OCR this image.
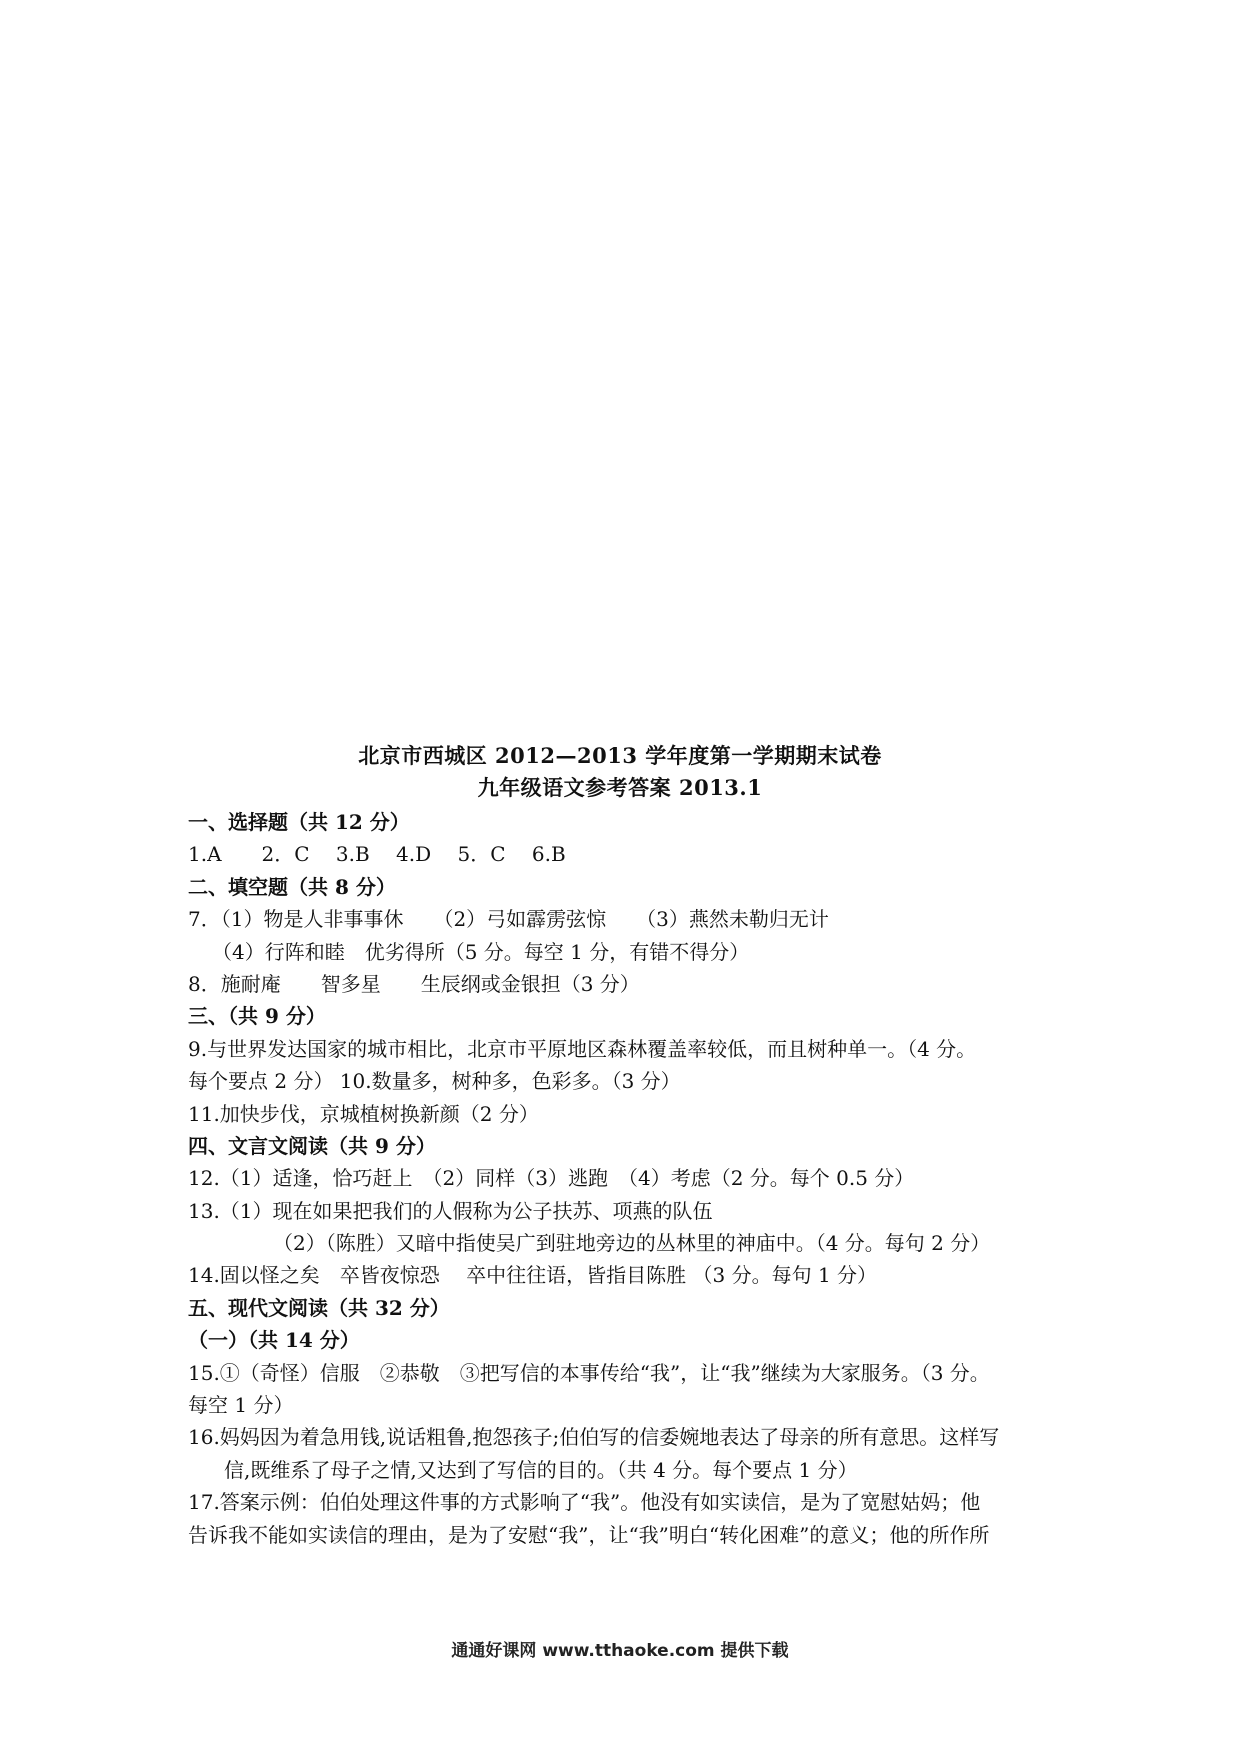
北京市西城区 2012—2013 学年度第一学期期末试卷
九年级语文参考答案 2013.1
一、选择题（共 12 分）
1.A　　2．C　 3.B　 4.D　 5．C　 6.B
二、填空题（共 8 分）
7．（1）物是人非事事休　　（2）弓如霹雳弦惊　　（3）燕然未勒归无计
（4）行阵和睦　优劣得所（5 分。每空 1 分，有错不得分）
8．施耐庵　　智多星　　生辰纲或金银担（3 分）
三、（共 9 分）
9.与世界发达国家的城市相比，北京市平原地区森林覆盖率较低，而且树种单一。（4 分。
每个要点 2 分） 10.数量多，树种多，色彩多。（3 分）
11.加快步伐，京城植树换新颜（2 分）
四、文言文阅读（共 9 分）
12.（1）适逢，恰巧赶上　（2）同样（3）逃跑　（4）考虑（2 分。每个 0.5 分）
13.（1）现在如果把我们的人假称为公子扶苏、项燕的队伍
（2）（陈胜）又暗中指使吴广到驻地旁边的丛林里的神庙中。（4 分。每句 2 分）
14.固以怪之矣　卒皆夜惊恐　 卒中往往语，皆指目陈胜 （3 分。每句 1 分）
五、现代文阅读（共 32 分）
（一）（共 14 分）
15.①（奇怪）信服　②恭敬　③把写信的本事传给“我”，让“我”继续为大家服务。（3 分。
每空 1 分）
16.妈妈因为着急用钱,说话粗鲁,抱怨孩子;伯伯写的信委婉地表达了母亲的所有意思。这样写
信,既维系了母子之情,又达到了写信的目的。（共 4 分。每个要点 1 分）
17.答案示例：伯伯处理这件事的方式影响了“我”。他没有如实读信，是为了宽慰姑妈；他
告诉我不能如实读信的理由，是为了安慰“我”，让“我”明白“转化困难”的意义；他的所作所
通通好课网 www.tthaoke.com 提供下载
